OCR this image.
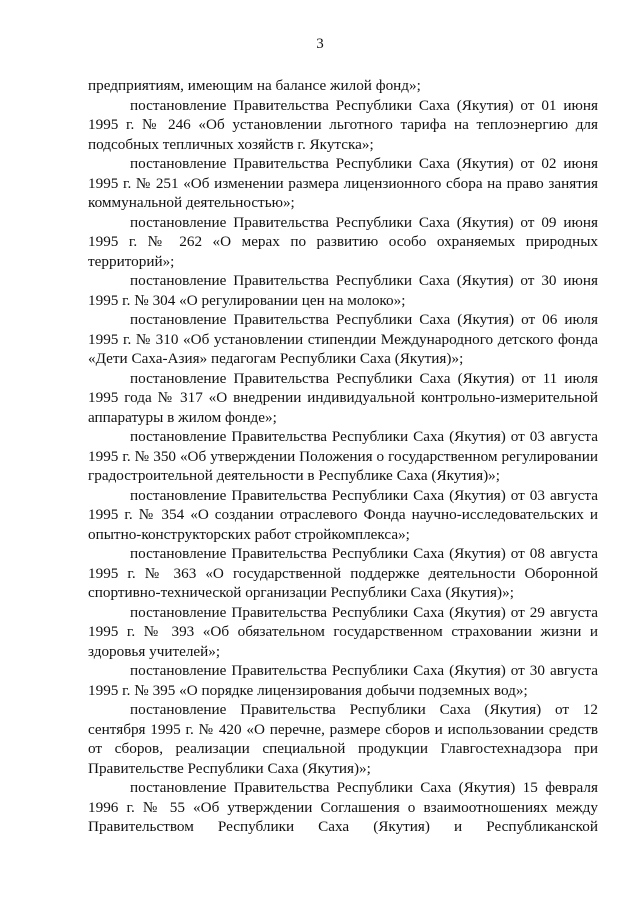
3

предприятиям, имеющим на балансе жилой фонд»;

постановление Правительства Республики Саха (Якутия) от 01 июня 1995 г. № 246 «Об установлении льготного тарифа на теплоэнергию для подсобных тепличных хозяйств г. Якутска»;

постановление Правительства Республики Саха (Якутия) от 02 июня 1995 г. № 251 «Об изменении размера лицензионного сбора на право занятия коммунальной деятельностью»;

постановление Правительства Республики Саха (Якутия) от 09 июня 1995 г. № 262 «О мерах по развитию особо охраняемых природных территорий»;

постановление Правительства Республики Саха (Якутия) от 30 июня 1995 г. № 304 «О регулировании цен на молоко»;

постановление Правительства Республики Саха (Якутия) от 06 июля 1995 г. № 310 «Об установлении стипендии Международного детского фонда «Дети Саха-Азия» педагогам Республики Саха (Якутия)»;

постановление Правительства Республики Саха (Якутия) от 11 июля 1995 года № 317 «О внедрении индивидуальной контрольно-измерительной аппаратуры в жилом фонде»;

постановление Правительства Республики Саха (Якутия) от 03 августа 1995 г. № 350 «Об утверждении Положения о государственном регулировании градостроительной деятельности в Республике Саха (Якутия)»;

постановление Правительства Республики Саха (Якутия) от 03 августа 1995 г. № 354 «О создании отраслевого Фонда научно-исследовательских и опытно-конструкторских работ стройкомплекса»;

постановление Правительства Республики Саха (Якутия) от 08 августа 1995 г. № 363 «О государственной поддержке деятельности Оборонной спортивно-технической организации Республики Саха (Якутия)»;

постановление Правительства Республики Саха (Якутия) от 29 августа 1995 г. № 393 «Об обязательном государственном страховании жизни и здоровья учителей»;

постановление Правительства Республики Саха (Якутия) от 30 августа 1995 г. № 395 «О порядке лицензирования добычи подземных вод»;

постановление Правительства Республики Саха (Якутия) от 12 сентября 1995 г. № 420 «О перечне, размере сборов и использовании средств от сборов, реализации специальной продукции Главгостехнадзора при Правительстве Республики Саха (Якутия)»;

постановление Правительства Республики Саха (Якутия) 15 февраля 1996 г. № 55 «Об утверждении Соглашения о взаимоотношениях между Правительством Республики Саха (Якутия) и Республиканской
